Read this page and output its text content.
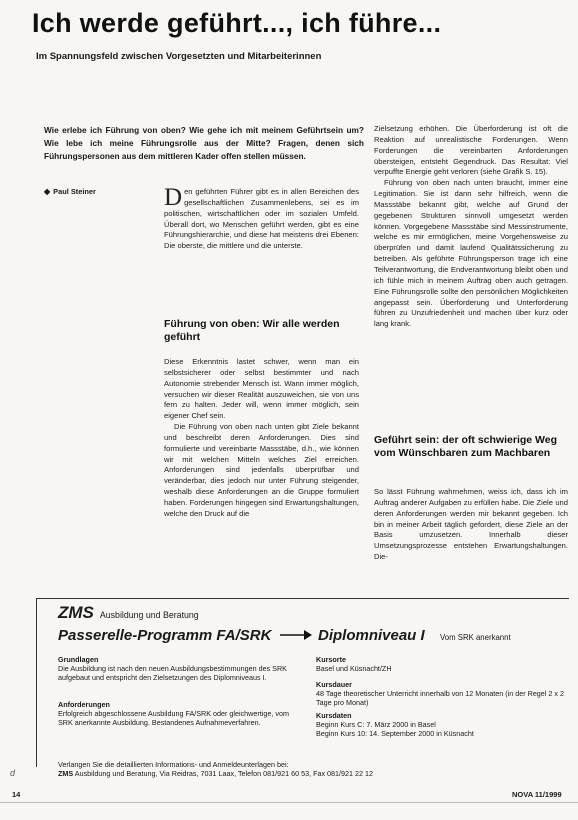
Ich werde geführt..., ich führe...
Im Spannungsfeld zwischen Vorgesetzten und Mitarbeiterinnen

Wie erlebe ich Führung von oben? Wie gehe ich mit meinem Geführtsein um? Wie lebe ich meine Führungsrolle aus der Mitte? Fragen, denen sich Führungspersonen aus dem mittleren Kader offen stellen müssen.

◆ Paul Steiner	Den geführten Führer gibt es in allen Bereichen des gesellschaftlichen Zusammenlebens, sei es im politischen, wirtschaftlichen oder im sozialen Umfeld. Überall dort, wo Menschen geführt werden, gibt es eine Führungshierarchie, und diese hat meistens drei Ebenen: Die oberste, die mittlere und die unterste.

Führung von oben: Wir alle werden geführt

Diese Erkenntnis lastet schwer, wenn man ein selbstsicherer oder selbst bestimmter und nach Autonomie strebender Mensch ist. Wann immer möglich, versuchen wir dieser Realität auszuweichen, sie von uns fern zu halten. Jeder will, wenn immer möglich, sein eigener Chef sein.

Die Führung von oben nach unten gibt Ziele bekannt und beschreibt deren Anforderungen. Dies sind formulierte und vereinbarte Massstäbe, d.h., wie können wir mit welchen Mitteln welches Ziel erreichen. Anforderungen sind jedenfalls überprüfbar und veränderbar, dies jedoch nur unter Führung steigender, weshalb diese Anforderungen an die Gruppe formuliert haben. Forderungen hingegen sind Erwartungshaltungen, welche den Druck auf die

Zielsetzung erhöhen. Die Überforderung ist oft die Reaktion auf unrealistische Forderungen. Wenn Forderungen die vereinbarten Anforderungen übersteigen, entsteht Gegendruck. Das Resultat: Viel verpuffte Energie geht verloren (siehe Grafik S. 15).

Führung von oben nach unten braucht, immer eine Legitimation. Sie ist dann sehr hilfreich, wenn die Massstäbe bekannt gibt, welche auf Grund der gegebenen Strukturen sinnvoll umgesetzt werden können. Vorgegebene Massstäbe sind Messinstrumente, welche es mir ermöglichen, meine Vorgehensweise zu überprüfen und damit laufend Qualitätssicherung zu betreiben. Als geführte Führungsperson trage ich eine Teilverantwortung, die Endverantwortung bleibt oben und ich fühle mich in meinem Auftrag oben auch getragen. Eine Führungsrolle sollte den persönlichen Möglichkeiten angepasst sein. Überforderung und Unterforderung führen zu Unzufriedenheit und machen über kurz oder lang krank.

Geführt sein: der oft schwierige Weg vom Wünschbaren zum Machbaren

So lässt Führung wahrnehmen, weiss ich, dass ich im Auftrag anderer Aufgaben zu erfüllen habe. Die Ziele und deren Anforderungen werden mir bekannt gegeben. Ich bin in meiner Arbeit täglich gefordert, diese Ziele an der Basis umzusetzen. Innerhalb dieser Umsetzungsprozesse entstehen Erwartungshaltungen. Die-

ZMS Ausbildung und Beratung
Passerelle-Programm FA/SRK	Diplomniveau I Vom SRK anerkannt
Grundlagen
Die Ausbildung ist nach den neuen Ausbildungsbestimmungen des SRK aufgebaut und entspricht den Zielsetzungen des Diplomniveaus I.
Anforderungen
Erfolgreich abgeschlossene Ausbildung FA/SRK oder gleichwertige, vom SRK anerkannte Ausbildung. Bestandenes Aufnahmeverfahren.
Kursorte
Basel und Küsnacht/ZH
Kursdauer
48 Tage theoretischer Unterricht innerhalb von 12 Monaten (in der Regel 2 x 2 Tage pro Monat)
Kursdaten
Beginn Kurs C: 7. März 2000 in Basel
Beginn Kurs 10: 14. September 2000 in Küsnacht
Verlangen Sie die detaillierten Informations- und Anmeldeunterlagen bei:
ZMS Ausbildung und Beratung, Via Reidras, 7031 Laax, Telefon 081/921 60 53, Fax 081/921 22 12
d
14	NOVA 11/1999
